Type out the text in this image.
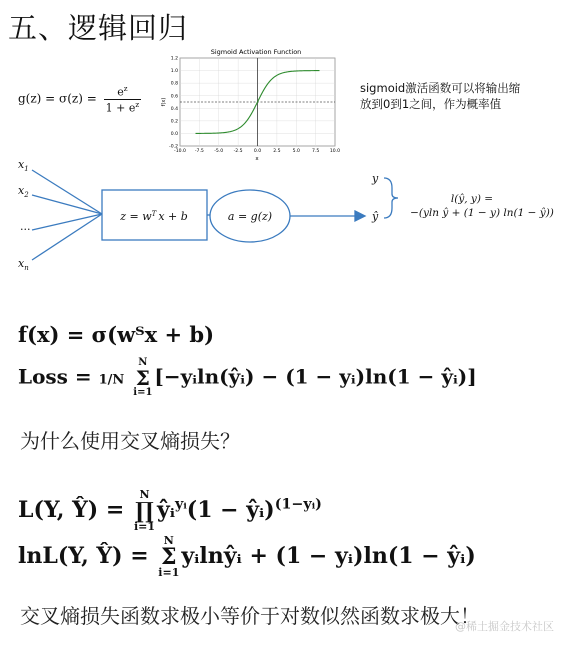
五、逻辑回归
$g(z) = \sigma(z) = \frac{e^z}{1 + e^z}$
Sigmoid Activation Function
-10.0 -7.5 -5.0 -2.5 0.0	2.5	5.0	7.5 10.0
-0.2
0.0
0.2
0.4
0.6
0.8
1.0
1.2
x
f(x)
sigmoid激活函数可以将输出缩
放到0到1之间，作为概率值
$x_1$
$x_2$
...
$x_n$
$z = w^T$ x + b	a = g(z)
y
ŷ
l(ŷ, y) =
−(yln ŷ + (1 − y) ln(1 − ŷ))
f(x) = σ(wᵀx + b)
Loss = 1/N
N
Σ
i=1
[−yᵢln(ŷᵢ) − (1 − yᵢ)ln(1 − ŷᵢ)]
为什么使用交叉熵损失？
L(Y, Ŷ) =
N
∏
i=1
ŷᵢ$^{yᵢ}$(1 − ŷᵢ)$^{(1-yᵢ)}$
lnL(Y, Ŷ) =
N
Σ
i=1
yᵢlnŷᵢ + (1 − yᵢ)ln(1 − ŷᵢ)
交叉熵损失函数求极小等价于对数似然函数求极大！
@稀土掘金技术社区
